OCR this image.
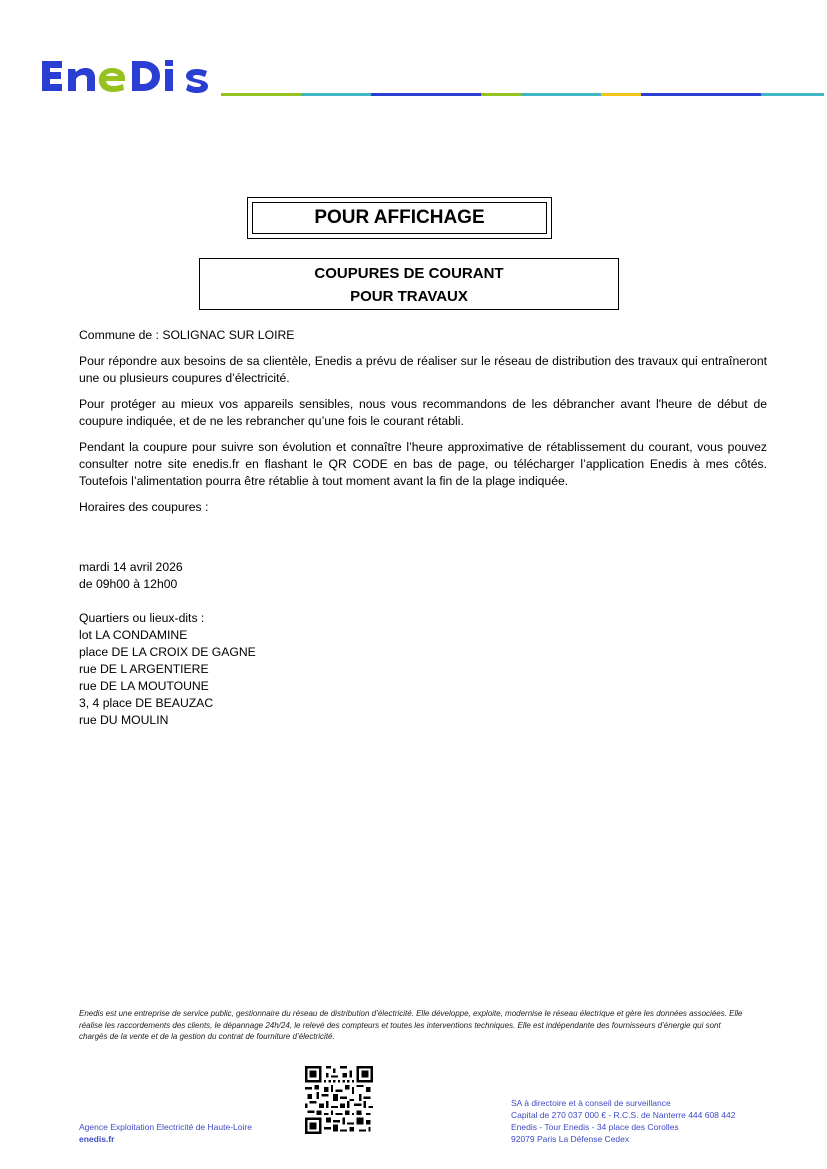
POUR AFFICHAGE
COUPURES DE COURANT
POUR TRAVAUX

Commune de : SOLIGNAC SUR LOIRE

Pour répondre aux besoins de sa clientèle, Enedis a prévu de réaliser sur le réseau de distribution des travaux qui entraîneront une ou plusieurs coupures d’électricité.

Pour protéger au mieux vos appareils sensibles, nous vous recommandons de les débrancher avant l'heure de début de coupure indiquée, et de ne les rebrancher qu’une fois le courant rétabli.

Pendant la coupure pour suivre son évolution et connaître l’heure approximative de rétablissement du courant, vous pouvez consulter notre site enedis.fr en flashant le QR CODE en bas de page, ou télécharger l’application Enedis à mes côtés. Toutefois l’alimentation pourra être rétablie à tout moment avant la fin de la plage indiquée.

Horaires des coupures :

mardi 14 avril 2026
de 09h00 à 12h00
Quartiers ou lieux-dits :
lot LA CONDAMINE
place DE LA CROIX DE GAGNE
rue DE L ARGENTIERE
rue DE LA MOUTOUNE
3, 4 place DE BEAUZAC
rue DU MOULIN
Enedis est une entreprise de service public, gestionnaire du réseau de distribution d’électricité. Elle développe, exploite, modernise le réseau électrique et gère les données associées. Elle réalise les raccordements des clients, le dépannage 24h/24, le relevé des compteurs et toutes les interventions techniques. Elle est indépendante des fournisseurs d’énergie qui sont chargés de la vente et de la gestion du contrat de fourniture d’électricité.
Agence Exploitation Electricité de Haute-Loire
enedis.fr
SA à directoire et à conseil de surveillance
Capital de 270 037 000 € - R.C.S. de Nanterre 444 608 442
Enedis - Tour Enedis - 34 place des Corolles
92079 Paris La Défense Cedex
